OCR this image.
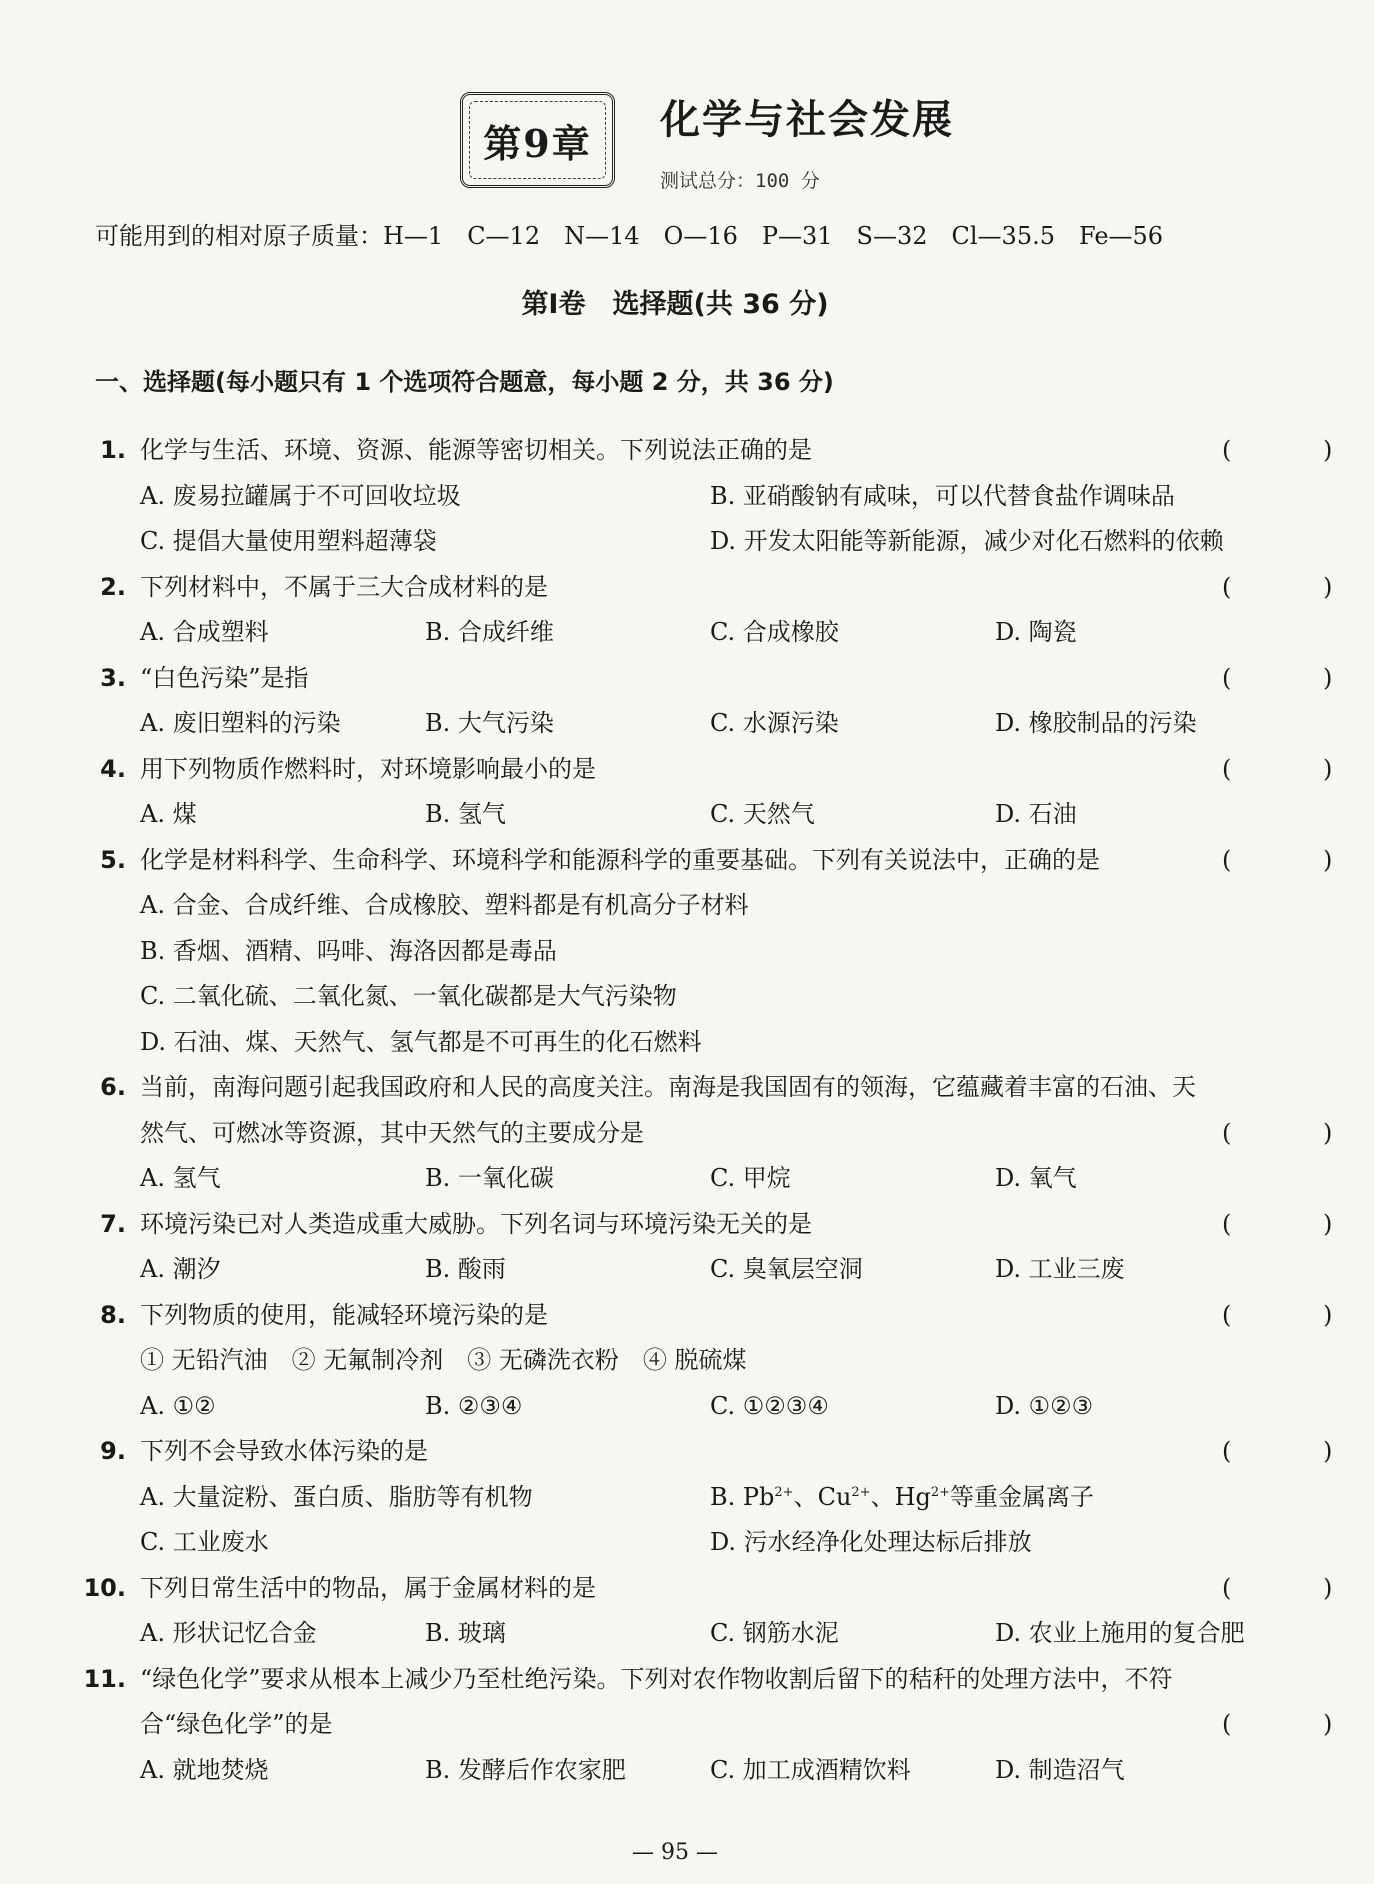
第9章 化学与社会发展
测试总分：100 分
可能用到的相对原子质量：H—1　C—12　N—14　O—16　P—31　S—32　Cl—35.5　Fe—56
第Ⅰ卷　选择题(共 36 分)
一、选择题(每小题只有 1 个选项符合题意，每小题 2 分，共 36 分)
1. 化学与生活、环境、资源、能源等密切相关。下列说法正确的是	( )
A. 废易拉罐属于不可回收垃圾	B. 亚硝酸钠有咸味，可以代替食盐作调味品
C. 提倡大量使用塑料超薄袋	D. 开发太阳能等新能源，减少对化石燃料的依赖
2. 下列材料中，不属于三大合成材料的是	( )
A. 合成塑料	B. 合成纤维	C. 合成橡胶	D. 陶瓷
3. “白色污染”是指	( )
A. 废旧塑料的污染	B. 大气污染	C. 水源污染	D. 橡胶制品的污染
4. 用下列物质作燃料时，对环境影响最小的是	( )
A. 煤	B. 氢气	C. 天然气	D. 石油
5. 化学是材料科学、生命科学、环境科学和能源科学的重要基础。下列有关说法中，正确的是	( )
A. 合金、合成纤维、合成橡胶、塑料都是有机高分子材料
B. 香烟、酒精、吗啡、海洛因都是毒品
C. 二氧化硫、二氧化氮、一氧化碳都是大气污染物
D. 石油、煤、天然气、氢气都是不可再生的化石燃料
6. 当前，南海问题引起我国政府和人民的高度关注。南海是我国固有的领海，它蕴藏着丰富的石油、天
然气、可燃冰等资源，其中天然气的主要成分是	( )
A. 氢气	B. 一氧化碳	C. 甲烷	D. 氧气
7. 环境污染已对人类造成重大威胁。下列名词与环境污染无关的是	( )
A. 潮汐	B. 酸雨	C. 臭氧层空洞	D. 工业三废
8. 下列物质的使用，能减轻环境污染的是	( )
① 无铅汽油　② 无氟制冷剂　③ 无磷洗衣粉　④ 脱硫煤
A. ①②	B. ②③④	C. ①②③④	D. ①②③
9. 下列不会导致水体污染的是	( )
A. 大量淀粉、蛋白质、脂肪等有机物	B. $Pb^{2+}$、$Cu^{2+}$、$Hg^{2+}$等重金属离子
C. 工业废水	D. 污水经净化处理达标后排放
10. 下列日常生活中的物品，属于金属材料的是	( )
A. 形状记忆合金	B. 玻璃	C. 钢筋水泥	D. 农业上施用的复合肥
11. “绿色化学”要求从根本上减少乃至杜绝污染。下列对农作物收割后留下的秸秆的处理方法中，不符
合“绿色化学”的是	( )
A. 就地焚烧	B. 发酵后作农家肥	C. 加工成酒精饮料	D. 制造沼气
— 95 —
